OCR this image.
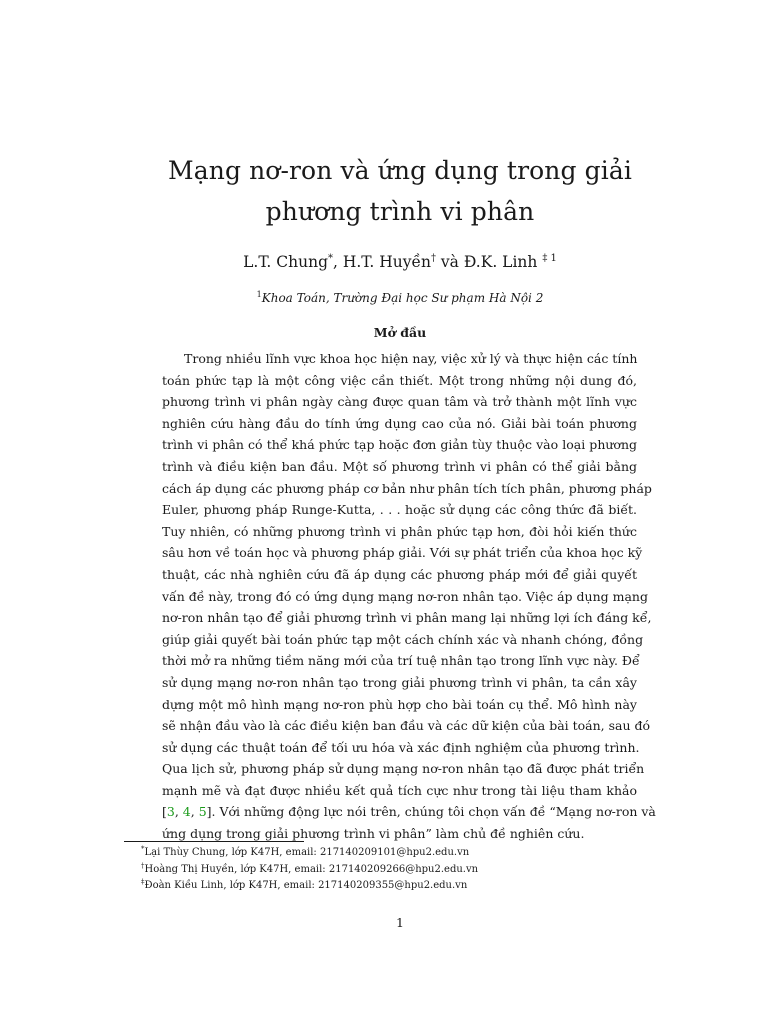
Mạng nơ-ron và ứng dụng trong giải
phương trình vi phân

L.T. Chung*, H.T. Huyền† và Đ.K. Linh $^{\ddagger 1}$

$^1$Khoa Toán, Trường Đại học Sư phạm Hà Nội 2

Mở đầu
Trong nhiều lĩnh vực khoa học hiện nay, việc xử lý và thực hiện các tính
toán phức tạp là một công việc cần thiết. Một trong những nội dung đó,
phương trình vi phân ngày càng được quan tâm và trở thành một lĩnh vực
nghiên cứu hàng đầu do tính ứng dụng cao của nó. Giải bài toán phương
trình vi phân có thể khá phức tạp hoặc đơn giản tùy thuộc vào loại phương
trình và điều kiện ban đầu. Một số phương trình vi phân có thể giải bằng
cách áp dụng các phương pháp cơ bản như phân tích tích phân, phương pháp
Euler, phương pháp Runge-Kutta, . . . hoặc sử dụng các công thức đã biết.
Tuy nhiên, có những phương trình vi phân phức tạp hơn, đòi hỏi kiến thức
sâu hơn về toán học và phương pháp giải. Với sự phát triển của khoa học kỹ
thuật, các nhà nghiên cứu đã áp dụng các phương pháp mới để giải quyết
vấn đề này, trong đó có ứng dụng mạng nơ-ron nhân tạo. Việc áp dụng mạng
nơ-ron nhân tạo để giải phương trình vi phân mang lại những lợi ích đáng kể,
giúp giải quyết bài toán phức tạp một cách chính xác và nhanh chóng, đồng
thời mở ra những tiềm năng mới của trí tuệ nhân tạo trong lĩnh vực này. Để
sử dụng mạng nơ-ron nhân tạo trong giải phương trình vi phân, ta cần xây
dựng một mô hình mạng nơ-ron phù hợp cho bài toán cụ thể. Mô hình này
sẽ nhận đầu vào là các điều kiện ban đầu và các dữ kiện của bài toán, sau đó
sử dụng các thuật toán để tối ưu hóa và xác định nghiệm của phương trình.
Qua lịch sử, phương pháp sử dụng mạng nơ-ron nhân tạo đã được phát triển
mạnh mẽ và đạt được nhiều kết quả tích cực như trong tài liệu tham khảo
[3, 4, 5]. Với những động lực nói trên, chúng tôi chọn vấn đề “Mạng nơ-ron và
ứng dụng trong giải phương trình vi phân” làm chủ đề nghiên cứu.
*Lại Thùy Chung, lớp K47H, email: 217140209101@hpu2.edu.vn
†Hoàng Thị Huyền, lớp K47H, email: 217140209266@hpu2.edu.vn
‡Đoàn Kiều Linh, lớp K47H, email: 217140209355@hpu2.edu.vn
1
